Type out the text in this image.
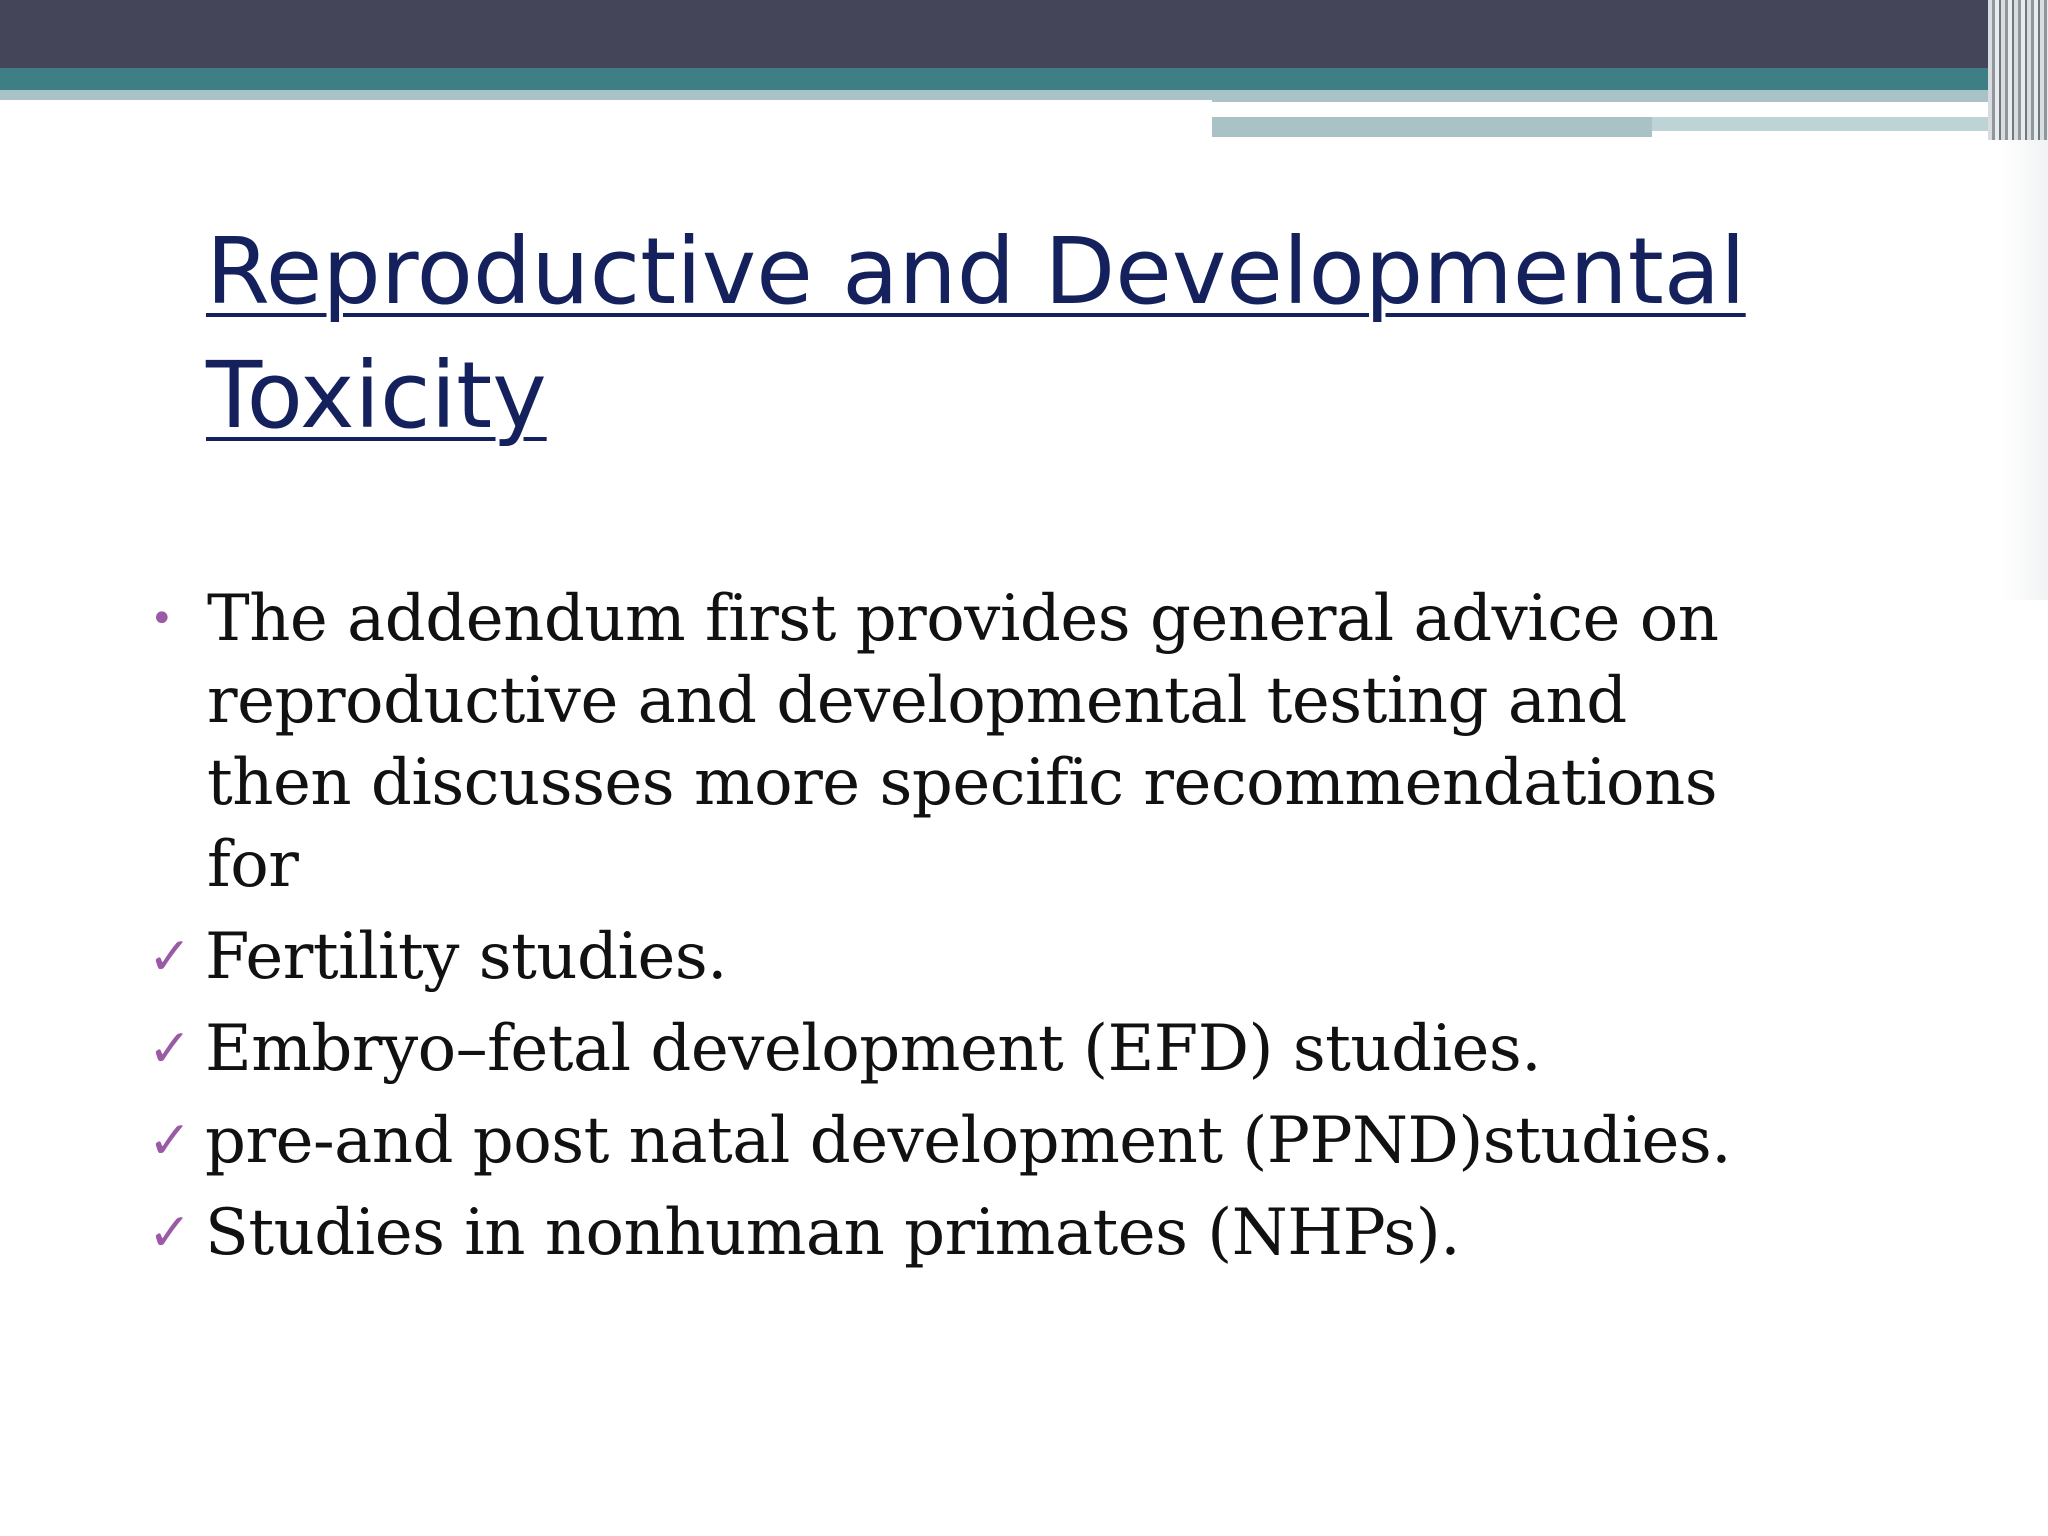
Reproductive and Developmental Toxicity
• The addendum first provides general advice on reproductive and developmental testing and then discusses more specific recommendations for
✓ Fertility studies.
✓ Embryo–fetal development (EFD) studies.
✓ pre-and post natal development (PPND)studies.
✓ Studies in nonhuman primates (NHPs).
